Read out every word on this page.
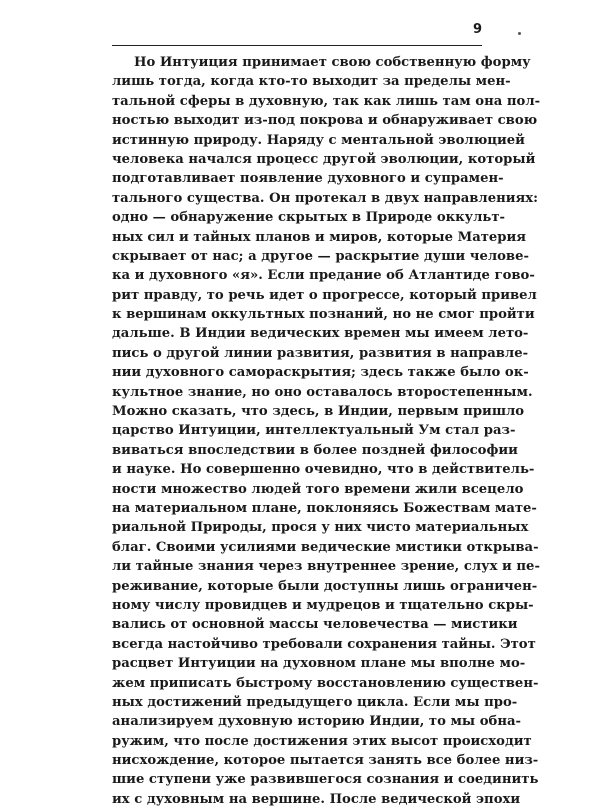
9
Но Интуиция принимает свою собственную форму
лишь тогда, когда кто-то выходит за пределы мен-
тальной сферы в духовную, так как лишь там она пол-
ностью выходит из-под покрова и обнаруживает свою
истинную природу. Наряду с ментальной эволюцией
человека начался процесс другой эволюции, который
подготавливает появление духовного и супрамен-
тального существа. Он протекал в двух направлениях:
одно — обнаружение скрытых в Природе оккульт-
ных сил и тайных планов и миров, которые Материя
скрывает от нас; а другое — раскрытие души челове-
ка и духовного «я». Если предание об Атлантиде гово-
рит правду, то речь идет о прогрессе, который привел
к вершинам оккультных познаний, но не смог пройти
дальше. В Индии ведических времен мы имеем лето-
пись о другой линии развития, развития в направле-
нии духовного самораскрытия; здесь также было ок-
культное знание, но оно оставалось второстепенным.
Можно сказать, что здесь, в Индии, первым пришло
царство Интуиции, интеллектуальный Ум стал раз-
виваться впоследствии в более поздней философии
и науке. Но совершенно очевидно, что в действитель-
ности множество людей того времени жили всецело
на материальном плане, поклоняясь Божествам мате-
риальной Природы, прося у них чисто материальных
благ. Своими усилиями ведические мистики открыва-
ли тайные знания через внутреннее зрение, слух и пе-
реживание, которые были доступны лишь ограничен-
ному числу провидцев и мудрецов и тщательно скры-
вались от основной массы человечества — мистики
всегда настойчиво требовали сохранения тайны. Этот
расцвет Интуиции на духовном плане мы вполне мо-
жем приписать быстрому восстановлению существен-
ных достижений предыдущего цикла. Если мы про-
анализируем духовную историю Индии, то мы обна-
ружим, что после достижения этих высот происходит
нисхождение, которое пытается занять все более низ-
шие ступени уже развившегося сознания и соединить
их с духовным на вершине. После ведической эпохи
